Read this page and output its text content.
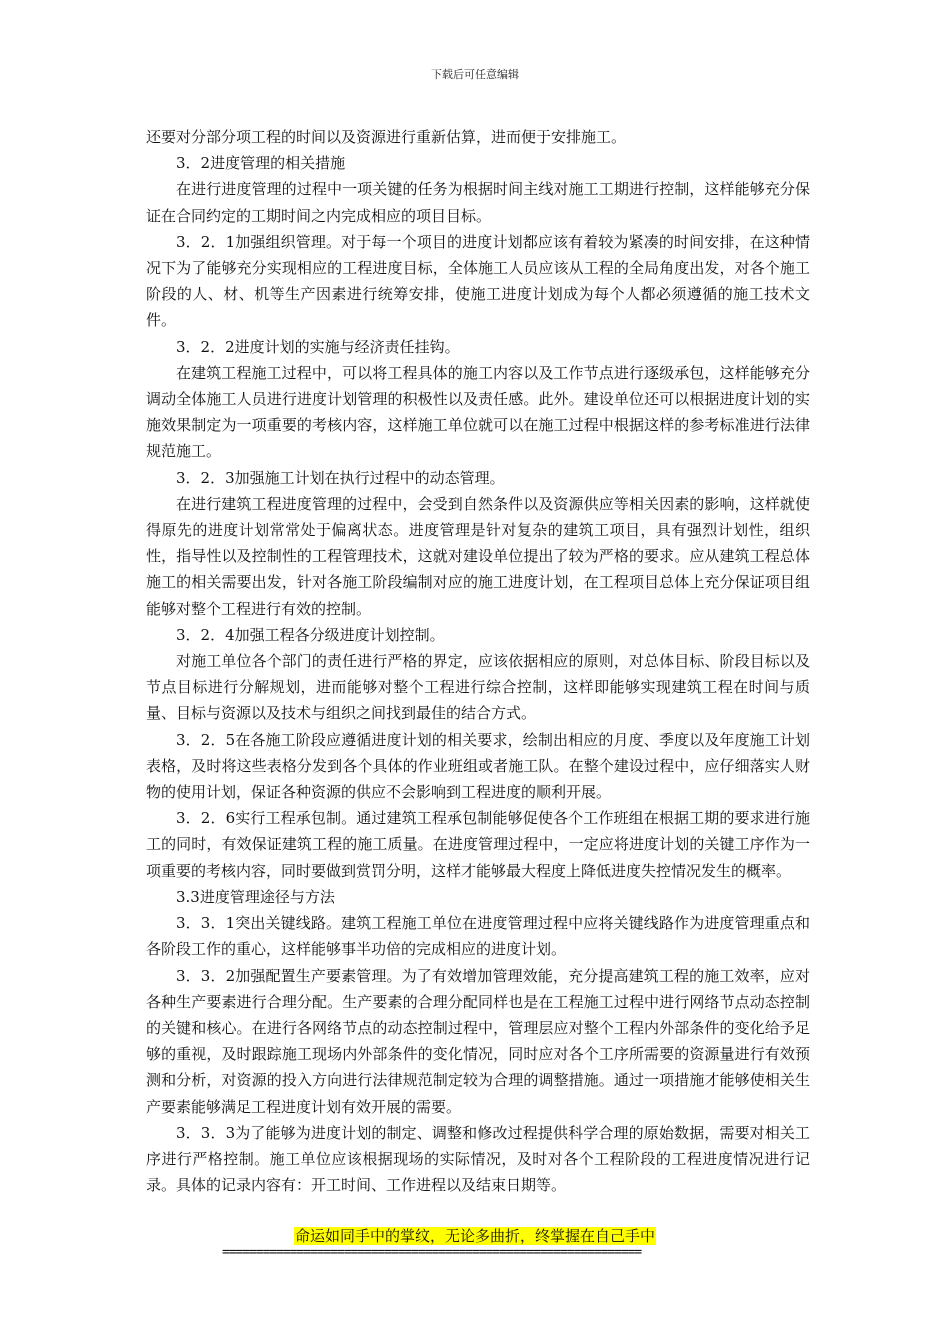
下载后可任意编辑

还要对分部分项工程的时间以及资源进行重新估算，进而便于安排施工。

3．2进度管理的相关措施

在进行进度管理的过程中一项关键的任务为根据时间主线对施工工期进行控制，这样能够充分保证在合同约定的工期时间之内完成相应的项目目标。

3．2．1加强组织管理。对于每一个项目的进度计划都应该有着较为紧凑的时间安排，在这种情况下为了能够充分实现相应的工程进度目标，全体施工人员应该从工程的全局角度出发，对各个施工阶段的人、材、机等生产因素进行统筹安排，使施工进度计划成为每个人都必须遵循的施工技术文件。

3．2．2进度计划的实施与经济责任挂钩。

在建筑工程施工过程中，可以将工程具体的施工内容以及工作节点进行逐级承包，这样能够充分调动全体施工人员进行进度计划管理的积极性以及责任感。此外。建设单位还可以根据进度计划的实施效果制定为一项重要的考核内容，这样施工单位就可以在施工过程中根据这样的参考标准进行法律规范施工。

3．2．3加强施工计划在执行过程中的动态管理。

在进行建筑工程进度管理的过程中，会受到自然条件以及资源供应等相关因素的影响，这样就使得原先的进度计划常常处于偏离状态。进度管理是针对复杂的建筑工项目，具有强烈计划性，组织性，指导性以及控制性的工程管理技术，这就对建设单位提出了较为严格的要求。应从建筑工程总体施工的相关需要出发，针对各施工阶段编制对应的施工进度计划，在工程项目总体上充分保证项目组能够对整个工程进行有效的控制。

3．2．4加强工程各分级进度计划控制。

对施工单位各个部门的责任进行严格的界定，应该依据相应的原则，对总体目标、阶段目标以及节点目标进行分解规划，进而能够对整个工程进行综合控制，这样即能够实现建筑工程在时间与质量、目标与资源以及技术与组织之间找到最佳的结合方式。

3．2．5在各施工阶段应遵循进度计划的相关要求，绘制出相应的月度、季度以及年度施工计划表格，及时将这些表格分发到各个具体的作业班组或者施工队。在整个建设过程中，应仔细落实人财物的使用计划，保证各种资源的供应不会影响到工程进度的顺利开展。

3．2．6实行工程承包制。通过建筑工程承包制能够促使各个工作班组在根据工期的要求进行施工的同时，有效保证建筑工程的施工质量。在进度管理过程中，一定应将进度计划的关键工序作为一项重要的考核内容，同时要做到赏罚分明，这样才能够最大程度上降低进度失控情况发生的概率。

3.3进度管理途径与方法

3．3．1突出关键线路。建筑工程施工单位在进度管理过程中应将关键线路作为进度管理重点和各阶段工作的重心，这样能够事半功倍的完成相应的进度计划。

3．3．2加强配置生产要素管理。为了有效增加管理效能，充分提高建筑工程的施工效率，应对各种生产要素进行合理分配。生产要素的合理分配同样也是在工程施工过程中进行网络节点动态控制的关键和核心。在进行各网络节点的动态控制过程中，管理层应对整个工程内外部条件的变化给予足够的重视，及时跟踪施工现场内外部条件的变化情况，同时应对各个工序所需要的资源量进行有效预测和分析，对资源的投入方向进行法律规范制定较为合理的调整措施。通过一项措施才能够使相关生产要素能够满足工程进度计划有效开展的需要。

3．3．3为了能够为进度计划的制定、调整和修改过程提供科学合理的原始数据，需要对相关工序进行严格控制。施工单位应该根据现场的实际情况，及时对各个工程阶段的工程进度情况进行记录。具体的记录内容有：开工时间、工作进程以及结束日期等。

命运如同手中的掌纹，无论多曲折，终掌握在自己手中
==============================================================
